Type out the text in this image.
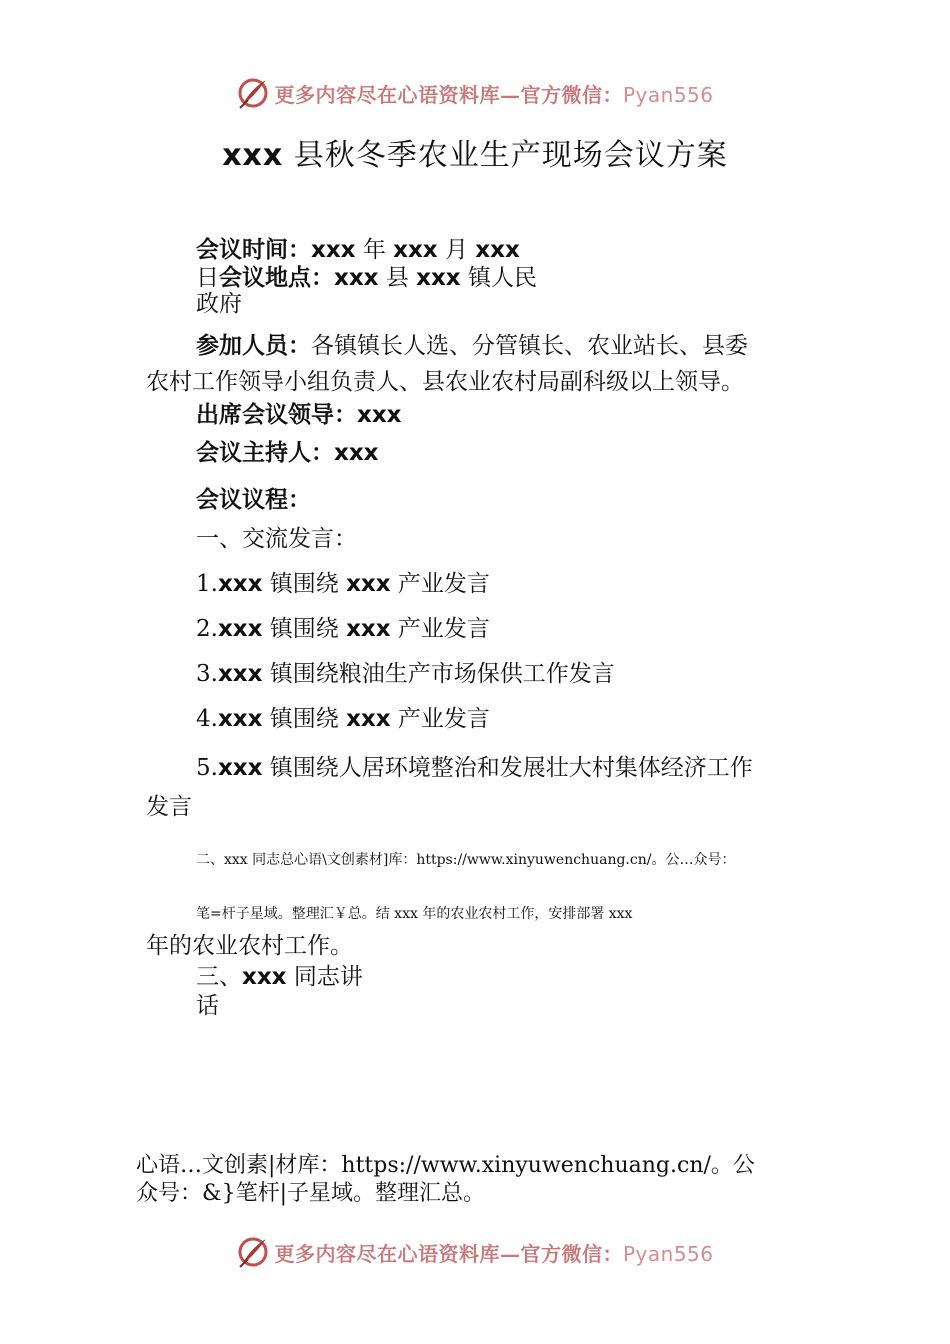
更多内容尽在心语资料库—官方微信：Pyan556
xxx 县秋冬季农业生产现场会议方案
会议时间：xxx 年 xxx 月 xxx
日会议地点：xxx 县 xxx 镇人民
政府
参加人员：各镇镇长人选、分管镇长、农业站长、县委
农村工作领导小组负责人、县农业农村局副科级以上领导。
出席会议领导：xxx
会议主持人：xxx
会议议程：
一、交流发言：
1.xxx 镇围绕 xxx 产业发言
2.xxx 镇围绕 xxx 产业发言
3.xxx 镇围绕粮油生产市场保供工作发言
4.xxx 镇围绕 xxx 产业发言
5.xxx 镇围绕人居环境整治和发展壮大村集体经济工作
发言
二、xxx 同志总心语\文创素材]库：https://www.xinyuwenchuang.cn/。公…众号：
笔=杆子星域。整理汇￥总。结 xxx 年的农业农村工作，安排部署 xxx
年的农业农村工作。
三、xxx 同志讲
话
心语…文创素|材库：https://www.xinyuwenchuang.cn/。公
众号：&}笔杆|子星域。整理汇总。
更多内容尽在心语资料库—官方微信：Pyan556
